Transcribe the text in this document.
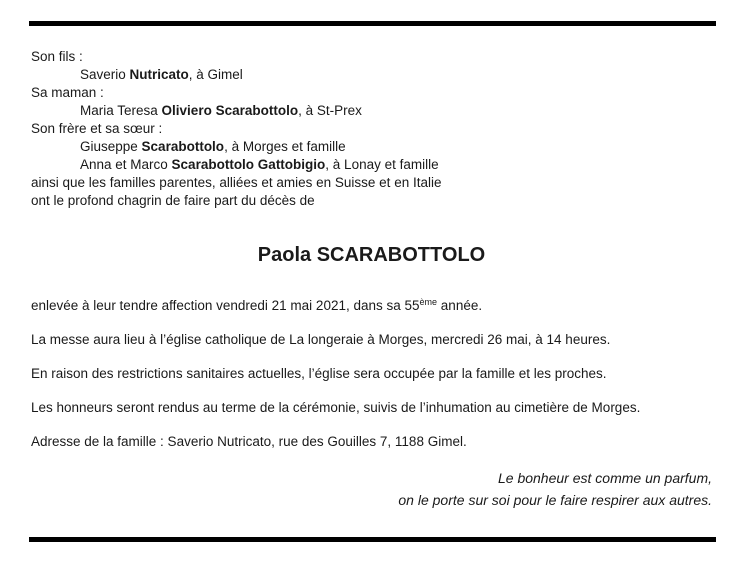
Son fils :
Saverio Nutricato, à Gimel
Sa maman :
Maria Teresa Oliviero Scarabottolo, à St-Prex
Son frère et sa sœur :
Giuseppe Scarabottolo, à Morges et famille
Anna et Marco Scarabottolo Gattobigio, à Lonay et famille
ainsi que les familles parentes, alliées et amies en Suisse et en Italie
ont le profond chagrin de faire part du décès de
Paola SCARABOTTOLO
enlevée à leur tendre affection vendredi 21 mai 2021, dans sa 55ème année.
La messe aura lieu à l’église catholique de La longeraie à Morges, mercredi 26 mai, à 14 heures.
En raison des restrictions sanitaires actuelles, l’église sera occupée par la famille et les proches.
Les honneurs seront rendus au terme de la cérémonie, suivis de l’inhumation au cimetière de Morges.
Adresse de la famille : Saverio Nutricato, rue des Gouilles 7, 1188 Gimel.
Le bonheur est comme un parfum,
on le porte sur soi pour le faire respirer aux autres.
